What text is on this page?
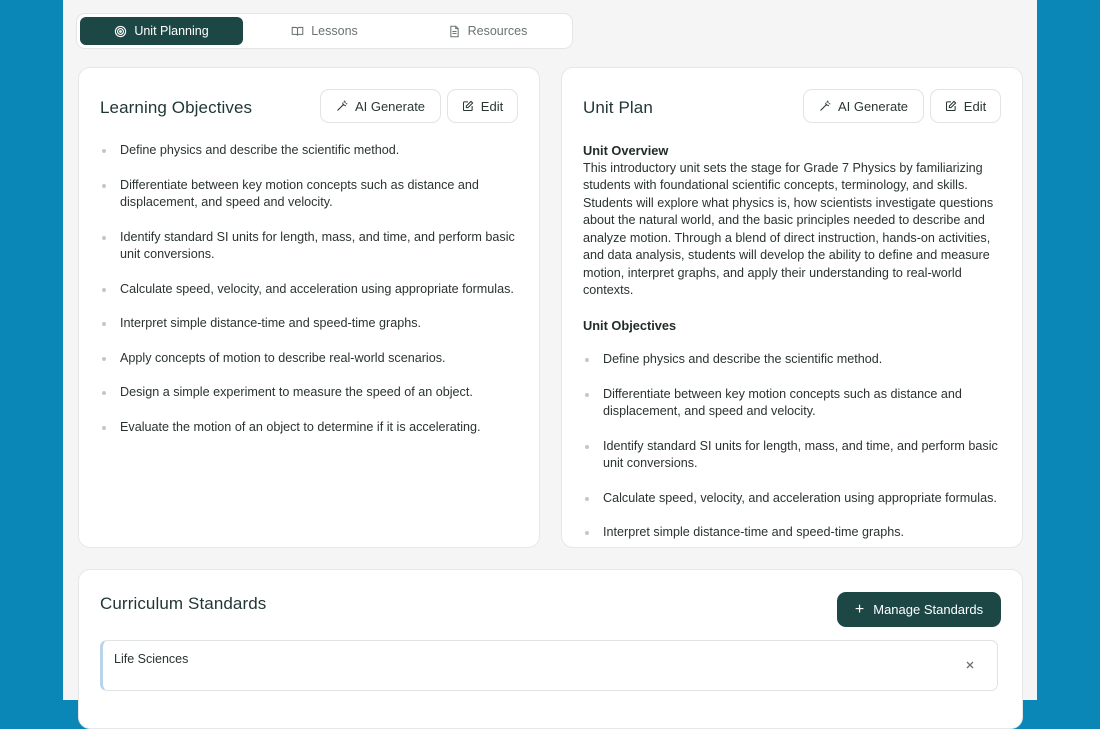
Unit Planning	Lessons	Resources
Learning Objectives	AI Generate	Edit
Define physics and describe the scientific method.
Differentiate between key motion concepts such as distance and displacement, and speed and velocity.
Identify standard SI units for length, mass, and time, and perform basic unit conversions.
Calculate speed, velocity, and acceleration using appropriate formulas.
Interpret simple distance-time and speed-time graphs.
Apply concepts of motion to describe real-world scenarios.
Design a simple experiment to measure the speed of an object.
Evaluate the motion of an object to determine if it is accelerating.
Unit Plan	AI Generate	Edit
Unit Overview

This introductory unit sets the stage for Grade 7 Physics by familiarizing students with foundational scientific concepts, terminology, and skills. Students will explore what physics is, how scientists investigate questions about the natural world, and the basic principles needed to describe and analyze motion. Through a blend of direct instruction, hands-on activities, and data analysis, students will develop the ability to define and measure motion, interpret graphs, and apply their understanding to real-world contexts.

Unit Objectives
Define physics and describe the scientific method.
Differentiate between key motion concepts such as distance and displacement, and speed and velocity.
Identify standard SI units for length, mass, and time, and perform basic unit conversions.
Calculate speed, velocity, and acceleration using appropriate formulas.
Interpret simple distance-time and speed-time graphs.
Curriculum Standards	+ Manage Standards
Life Sciences
